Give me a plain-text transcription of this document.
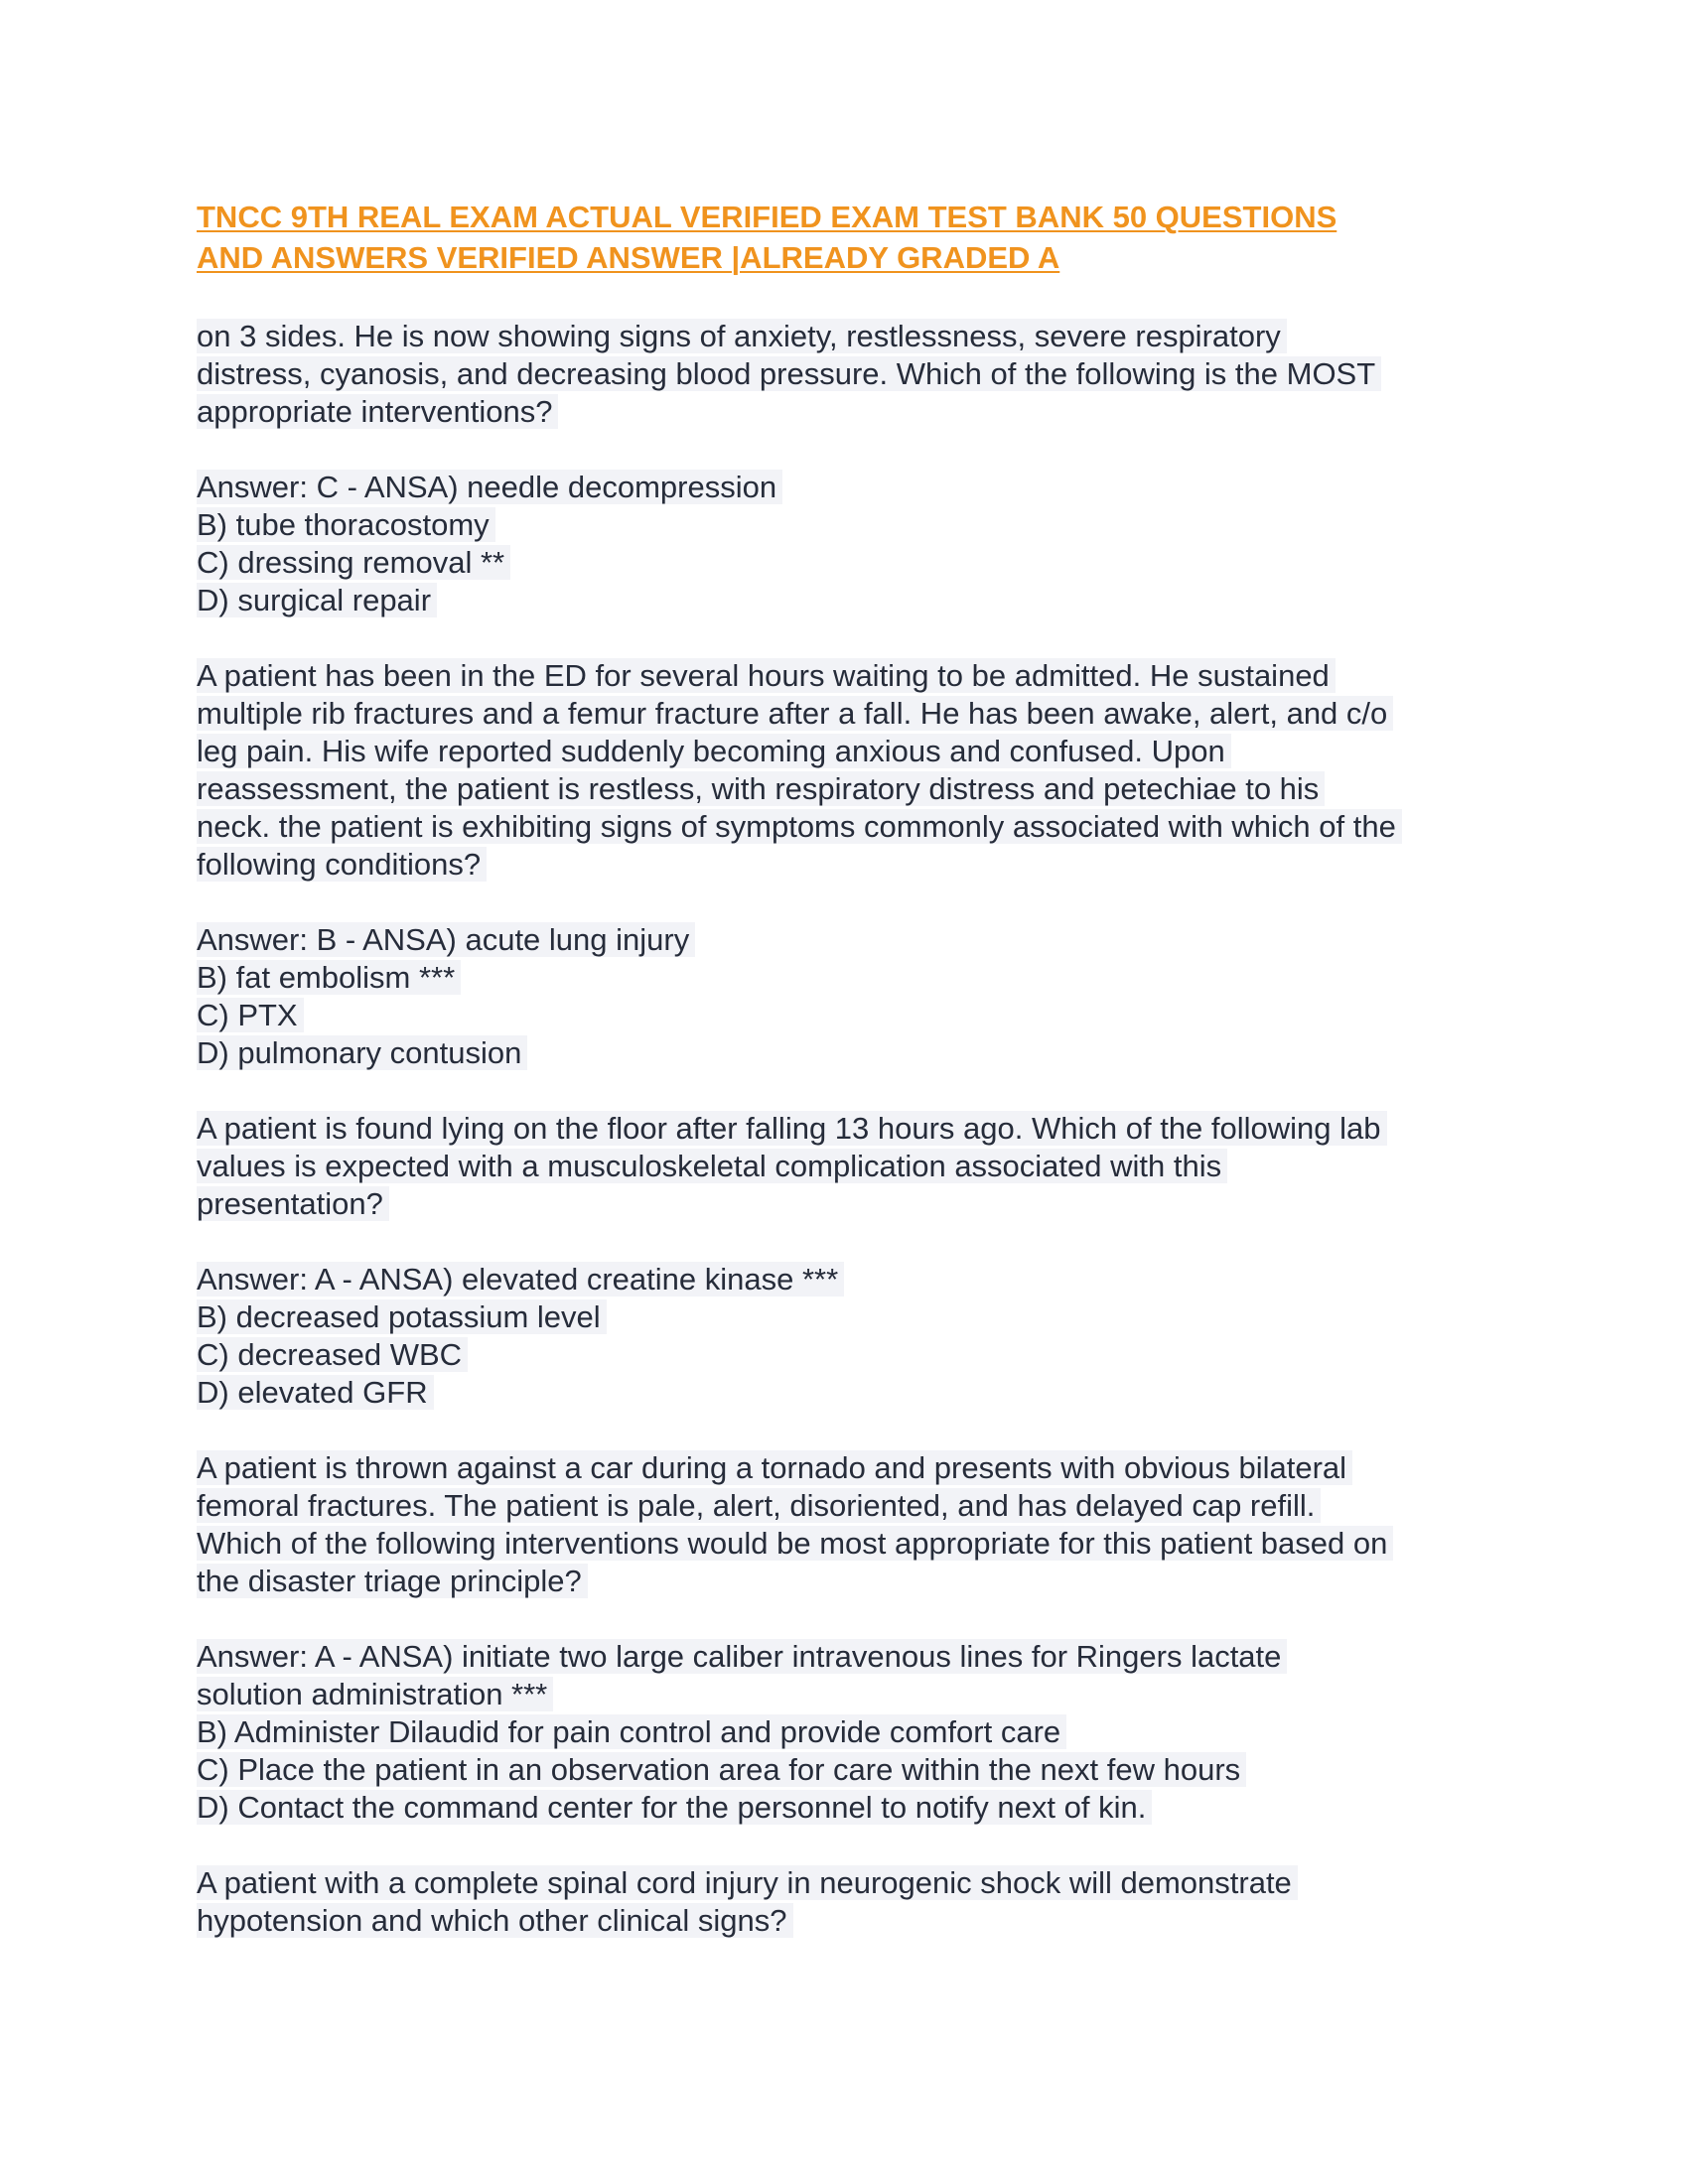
TNCC 9TH REAL EXAM ACTUAL VERIFIED EXAM TEST BANK 50 QUESTIONS
AND ANSWERS VERIFIED ANSWER |ALREADY GRADED A
on 3 sides. He is now showing signs of anxiety, restlessness, severe respiratory
distress, cyanosis, and decreasing blood pressure. Which of the following is the MOST
appropriate interventions?
Answer: C - ANSA) needle decompression
B) tube thoracostomy
C) dressing removal **
D) surgical repair
A patient has been in the ED for several hours waiting to be admitted. He sustained
multiple rib fractures and a femur fracture after a fall. He has been awake, alert, and c/o
leg pain. His wife reported suddenly becoming anxious and confused. Upon
reassessment, the patient is restless, with respiratory distress and petechiae to his
neck. the patient is exhibiting signs of symptoms commonly associated with which of the
following conditions?
Answer: B - ANSA) acute lung injury
B) fat embolism ***
C) PTX
D) pulmonary contusion
A patient is found lying on the floor after falling 13 hours ago. Which of the following lab
values is expected with a musculoskeletal complication associated with this
presentation?
Answer: A - ANSA) elevated creatine kinase ***
B) decreased potassium level
C) decreased WBC
D) elevated GFR
A patient is thrown against a car during a tornado and presents with obvious bilateral
femoral fractures. The patient is pale, alert, disoriented, and has delayed cap refill.
Which of the following interventions would be most appropriate for this patient based on
the disaster triage principle?
Answer: A - ANSA) initiate two large caliber intravenous lines for Ringers lactate
solution administration ***
B) Administer Dilaudid for pain control and provide comfort care
C) Place the patient in an observation area for care within the next few hours
D) Contact the command center for the personnel to notify next of kin.
A patient with a complete spinal cord injury in neurogenic shock will demonstrate
hypotension and which other clinical signs?
